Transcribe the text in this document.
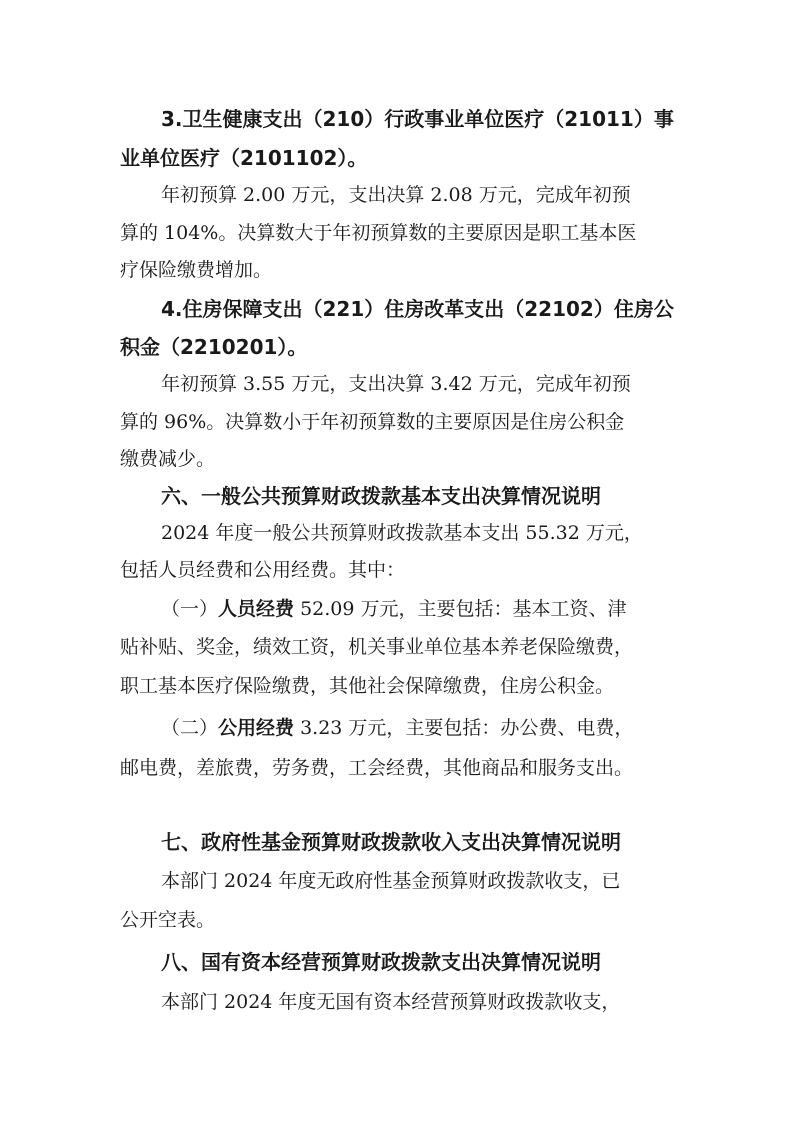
3.卫生健康支出（210）行政事业单位医疗（21011）事
业单位医疗（2101102）。
年初预算 2.00 万元，支出决算 2.08 万元，完成年初预
算的 104%。决算数大于年初预算数的主要原因是职工基本医
疗保险缴费增加。
4.住房保障支出（221）住房改革支出（22102）住房公
积金（2210201）。
年初预算 3.55 万元，支出决算 3.42 万元，完成年初预
算的 96%。决算数小于年初预算数的主要原因是住房公积金
缴费减少。
六、一般公共预算财政拨款基本支出决算情况说明
2024 年度一般公共预算财政拨款基本支出 55.32 万元，
包括人员经费和公用经费。其中：
（一）人员经费 52.09 万元，主要包括：基本工资、津
贴补贴、奖金，绩效工资，机关事业单位基本养老保险缴费，
职工基本医疗保险缴费，其他社会保障缴费，住房公积金。
（二）公用经费 3.23 万元，主要包括：办公费、电费，
邮电费，差旅费，劳务费，工会经费，其他商品和服务支出。
七、政府性基金预算财政拨款收入支出决算情况说明
本部门 2024 年度无政府性基金预算财政拨款收支，已
公开空表。
八、国有资本经营预算财政拨款支出决算情况说明
本部门 2024 年度无国有资本经营预算财政拨款收支，
